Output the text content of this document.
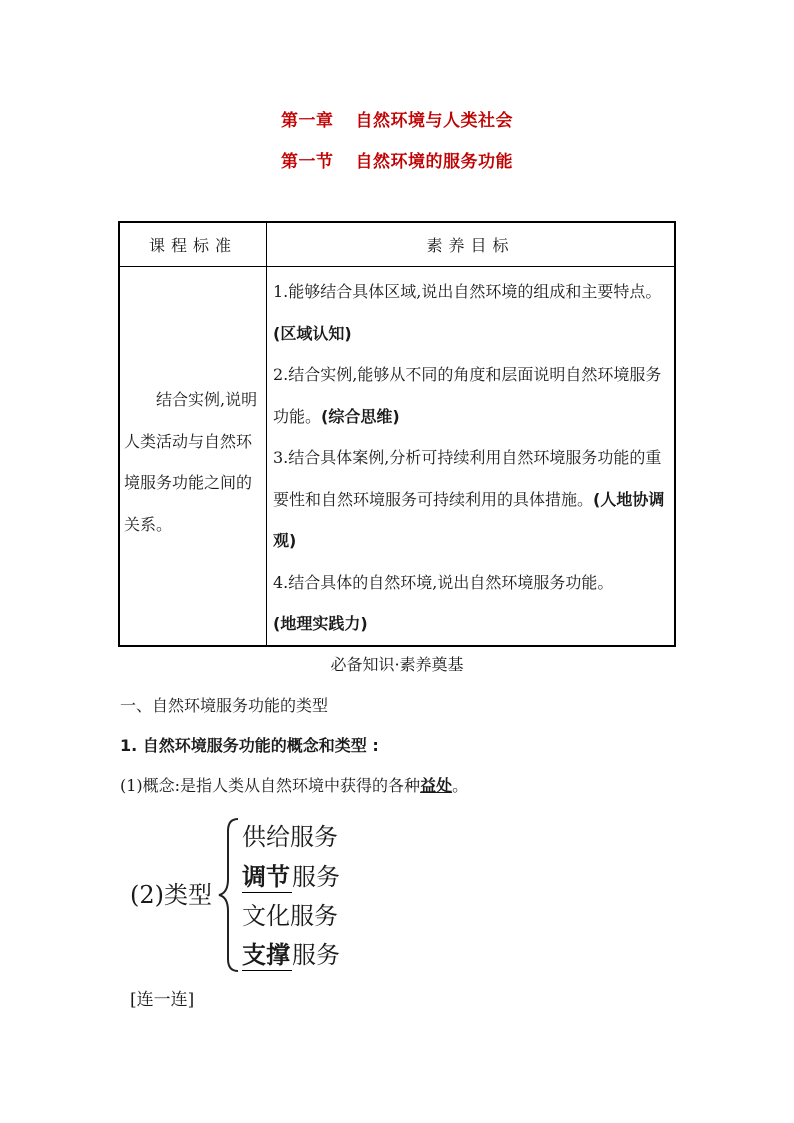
第一章 自然环境与人类社会
第一节 自然环境的服务功能
课程标准	素养目标

结合实例,说明人类活动与自然环境服务功能之间的关系。	1.能够结合具体区域,说出自然环境的组成和主要特点。(区域认知)
2.结合实例,能够从不同的角度和层面说明自然环境服务功能。(综合思维)
3.结合具体案例,分析可持续利用自然环境服务功能的重要性和自然环境服务可持续利用的具体措施。(人地协调观)
4.结合具体的自然环境,说出自然环境服务功能。
(地理实践力)
必备知识·素养奠基
一、自然环境服务功能的类型
1. 自然环境服务功能的概念和类型 :
(1)概念:是指人类从自然环境中获得的各种益处。
(2)类型
供给服务
调节服务
文化服务
支撑服务
[连一连]
